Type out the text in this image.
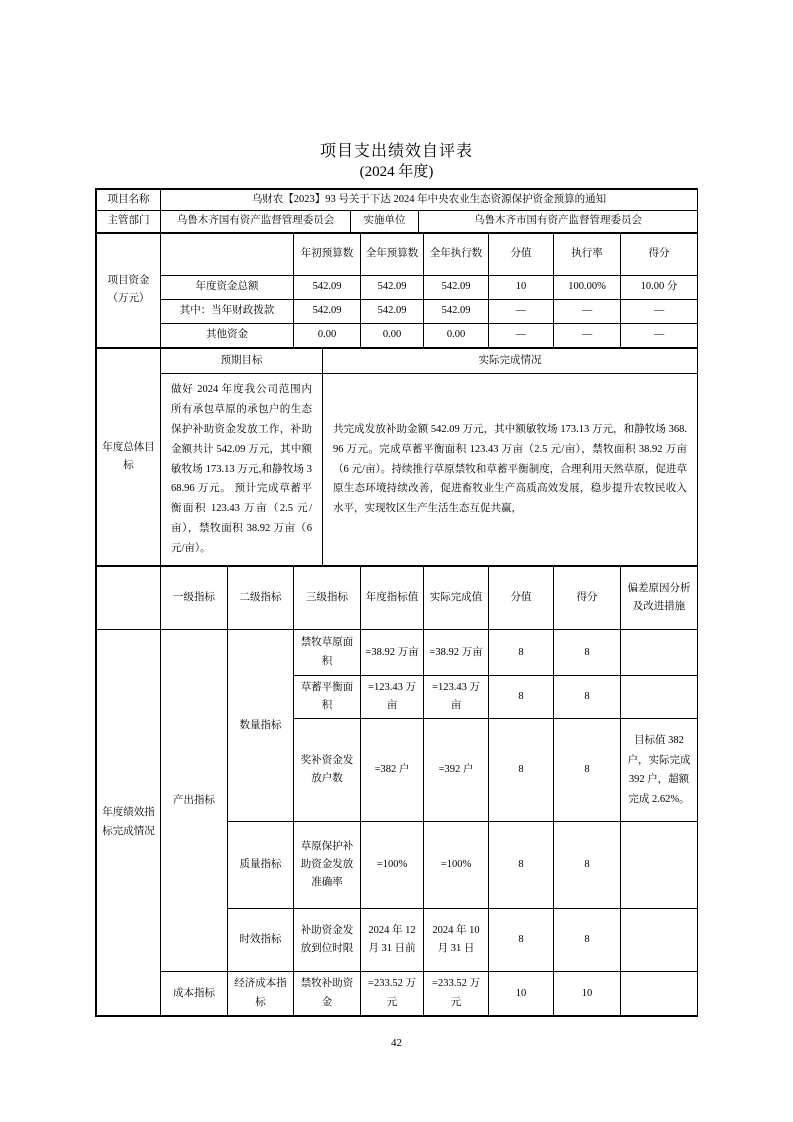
项目支出绩效自评表
(2024 年度)
项目名称	乌财农【2023】93 号关于下达 2024 年中央农业生态资源保护资金预算的通知		
主管部门	乌鲁木齐国有资产监督管理委员会	实施单位	乌鲁木齐市国有资产监督管理委员会
项目资金（万元）		年初预算数	全年预算数	全年执行数	分值	执行率	得分
	年度资金总额	542.09	542.09	542.09	10	100.00%	10.00 分
	其中：当年财政拨款	542.09	542.09	542.09	—	—	—
	其他资金	0.00	0.00	0.00	—	—	—
年度总体目标	预期目标	实际完成情况
	做好 2024 年度我公司范围内所有承包草原的承包户的生态保护补助资金发放工作，补助金额共计 542.09 万元，其中额敏牧场 173.13 万元,和静牧场 368.96 万元。 预计完成草蓄平衡面积 123.43 万亩（2.5 元/亩），禁牧面积 38.92 万亩（6 元/亩）。	共完成发放补助金额 542.09 万元，其中额敏牧场 173.13 万元，和静牧场 368.96 万元。完成草蓄平衡面积 123.43 万亩（2.5 元/亩），禁牧面积 38.92 万亩（6 元/亩）。持续推行草原禁牧和草蓄平衡制度，合理利用天然草原，促进草原生态环境持续改善，促进畜牧业生产高质高效发展，稳步提升农牧民收入水平，实现牧区生产生活生态互促共赢，
	一级指标	二级指标	三级指标	年度指标值	实际完成值	分值	得分	偏差原因分析及改进措施
年度绩效指标完成情况	产出指标	数量指标	禁牧草原面积	=38.92 万亩	=38.92 万亩	8	8	
			草蓄平衡面积	=123.43 万亩	=123.43 万亩	8	8	
			奖补资金发放户数	=382 户	=392 户	8	8	目标值 382 户，实际完成 392 户，超额完成 2.62%。
		质量指标	草原保护补助资金发放准确率	=100%	=100%	8	8	
		时效指标	补助资金发放到位时限	2024 年 12 月 31 日前	2024 年 10 月 31 日	8	8	
	成本指标	经济成本指标	禁牧补助资金	=233.52 万元	=233.52 万元	10	10	
42
